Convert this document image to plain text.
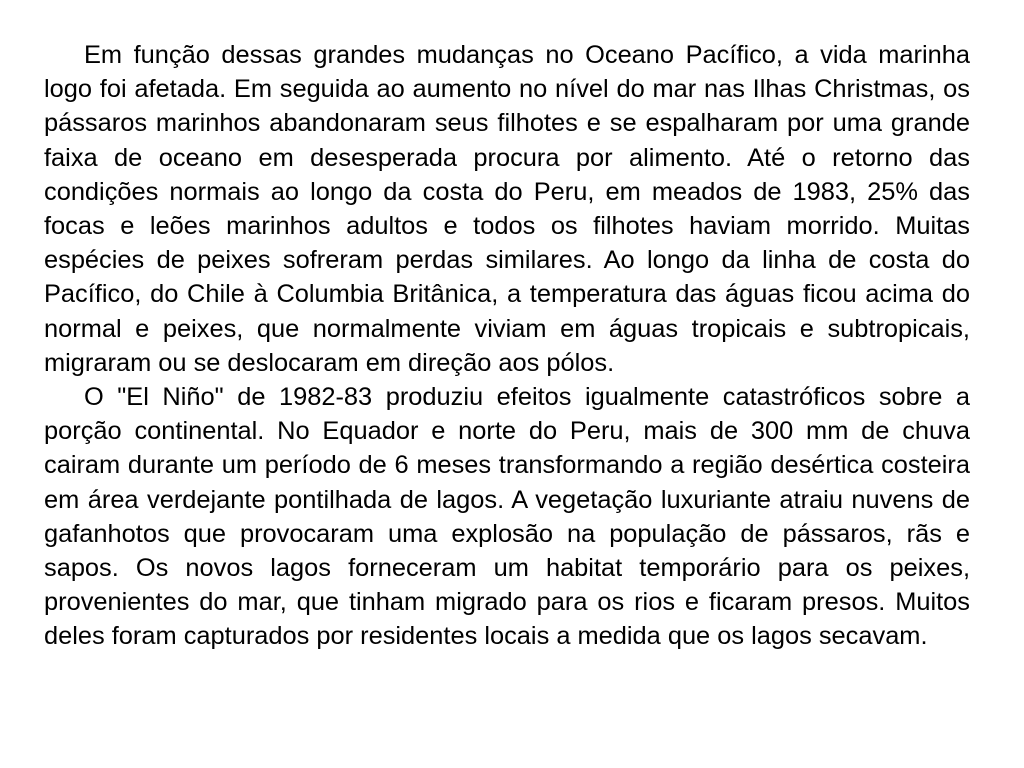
Em função dessas grandes mudanças no Oceano Pacífico, a vida marinha logo foi afetada. Em seguida ao aumento no nível do mar nas Ilhas Christmas, os pássaros marinhos abandonaram seus filhotes e se espalharam por uma grande faixa de oceano em desesperada procura por alimento. Até o retorno das condições normais ao longo da costa do Peru, em meados de 1983, 25% das focas e leões marinhos adultos e todos os filhotes haviam morrido. Muitas espécies de peixes sofreram perdas similares. Ao longo da linha de costa do Pacífico, do Chile à Columbia Britânica, a temperatura das águas ficou acima do normal e peixes, que normalmente viviam em águas tropicais e subtropicais, migraram ou se deslocaram em direção aos pólos.

O "El Niño" de 1982-83 produziu efeitos igualmente catastróficos sobre a porção continental. No Equador e norte do Peru, mais de 300 mm de chuva cairam durante um período de 6 meses transformando a região desértica costeira em área verdejante pontilhada de lagos. A vegetação luxuriante atraiu nuvens de gafanhotos que provocaram uma explosão na população de pássaros, rãs e sapos. Os novos lagos forneceram um habitat temporário para os peixes, provenientes do mar, que tinham migrado para os rios e ficaram presos. Muitos deles foram capturados por residentes locais a medida que os lagos secavam.
